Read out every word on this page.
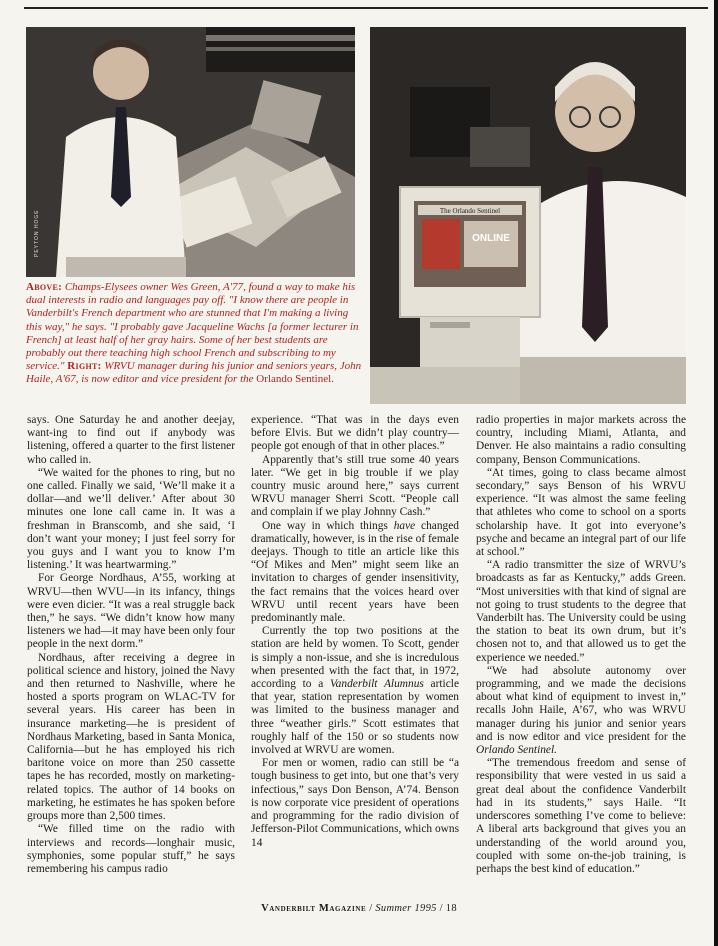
PEYTON HOGE	The Orlando Sentinel
ONLINE
Above: Champs-Elysees owner Wes Green, A'77, found a way to make his dual interests in radio and languages pay off. "I know there are people in Vanderbilt's French department who are stunned that I'm making a living this way," he says. "I probably gave Jacqueline Wachs [a former lecturer in French] at least half of her gray hairs. Some of her best students are probably out there teaching high school French and subscribing to my service." Right: WRVU manager during his junior and seniors years, John Haile, A'67, is now editor and vice president for the Orlando Sentinel.

says. One Saturday he and another deejay, want-ing to find out if anybody was listening, offered a quarter to the first listener who called in.

“We waited for the phones to ring, but no one called. Finally we said, ‘We’ll make it a dollar—and we’ll deliver.’ After about 30 minutes one lone call came in. It was a freshman in Branscomb, and she said, ‘I don’t want your money; I just feel sorry for you guys and I want you to know I’m listening.’ It was heartwarming.”

For George Nordhaus, A’55, working at WRVU—then WVU—in its infancy, things were even dicier. “It was a real struggle back then,” he says. “We didn’t know how many listeners we had—it may have been only four people in the next dorm.”

Nordhaus, after receiving a degree in political science and history, joined the Navy and then returned to Nashville, where he hosted a sports program on WLAC-TV for several years. His career has been in insurance marketing—he is president of Nordhaus Marketing, based in Santa Monica, California—but he has employed his rich baritone voice on more than 250 cassette tapes he has recorded, mostly on marketing-related topics. The author of 14 books on marketing, he estimates he has spoken before groups more than 2,500 times.

“We filled time on the radio with interviews and records—longhair music, symphonies, some popular stuff,” he says remembering his campus radio

experience. “That was in the days even before Elvis. But we didn’t play country—people got enough of that in other places.”

Apparently that’s still true some 40 years later. “We get in big trouble if we play country music around here,” says current WRVU manager Sherri Scott. “People call and complain if we play Johnny Cash.”

One way in which things have changed dramatically, however, is in the rise of female deejays. Though to title an article like this “Of Mikes and Men” might seem like an invitation to charges of gender insensitivity, the fact remains that the voices heard over WRVU until recent years have been predominantly male.

Currently the top two positions at the station are held by women. To Scott, gender is simply a non-issue, and she is incredulous when presented with the fact that, in 1972, according to a Vanderbilt Alumnus article that year, station representation by women was limited to the business manager and three “weather girls.” Scott estimates that roughly half of the 150 or so students now involved at WRVU are women.

For men or women, radio can still be “a tough business to get into, but one that’s very infectious,” says Don Benson, A’74. Benson is now corporate vice president of operations and programming for the radio division of Jefferson-Pilot Communications, which owns 14

radio properties in major markets across the country, including Miami, Atlanta, and Denver. He also maintains a radio consulting company, Benson Communications.

“At times, going to class became almost secondary,” says Benson of his WRVU experience. “It was almost the same feeling that athletes who come to school on a sports scholarship have. It got into everyone’s psyche and became an integral part of our life at school.”

“A radio transmitter the size of WRVU’s broadcasts as far as Kentucky,” adds Green. “Most universities with that kind of signal are not going to trust students to the degree that Vanderbilt has. The University could be using the station to beat its own drum, but it’s chosen not to, and that allowed us to get the experience we needed.”

“We had absolute autonomy over programming, and we made the decisions about what kind of equipment to invest in,” recalls John Haile, A’67, who was WRVU manager during his junior and senior years and is now editor and vice president for the Orlando Sentinel.

“The tremendous freedom and sense of responsibility that were vested in us said a great deal about the confidence Vanderbilt had in its students,” says Haile. “It underscores something I’ve come to believe: A liberal arts background that gives you an understanding of the world around you, coupled with some on-the-job training, is perhaps the best kind of education.”

Vanderbilt Magazine / Summer 1995 / 18
